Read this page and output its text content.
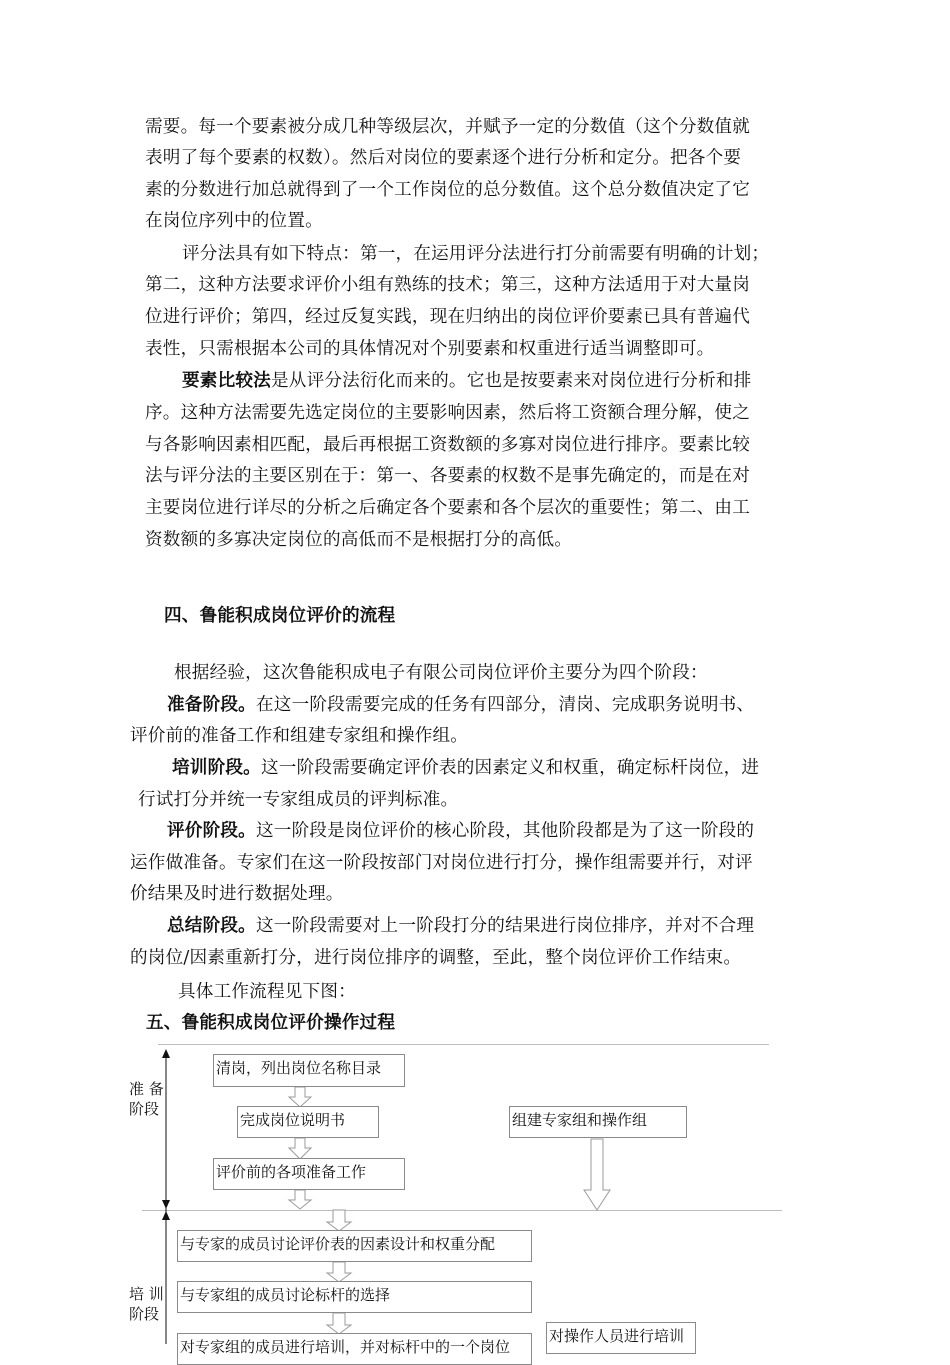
需要。每一个要素被分成几种等级层次，并赋予一定的分数值（这个分数值就
表明了每个要素的权数）。然后对岗位的要素逐个进行分析和定分。把各个要
素的分数进行加总就得到了一个工作岗位的总分数值。这个总分数值决定了它
在岗位序列中的位置。
评分法具有如下特点：第一，在运用评分法进行打分前需要有明确的计划；
第二，这种方法要求评价小组有熟练的技术；第三，这种方法适用于对大量岗
位进行评价；第四，经过反复实践，现在归纳出的岗位评价要素已具有普遍代
表性，只需根据本公司的具体情况对个别要素和权重进行适当调整即可。
要素比较法是从评分法衍化而来的。它也是按要素来对岗位进行分析和排
序。这种方法需要先选定岗位的主要影响因素，然后将工资额合理分解，使之
与各影响因素相匹配，最后再根据工资数额的多寡对岗位进行排序。要素比较
法与评分法的主要区别在于：第一、各要素的权数不是事先确定的，而是在对
主要岗位进行详尽的分析之后确定各个要素和各个层次的重要性；第二、由工
资数额的多寡决定岗位的高低而不是根据打分的高低。
四、鲁能积成岗位评价的流程
根据经验，这次鲁能积成电子有限公司岗位评价主要分为四个阶段：
准备阶段。在这一阶段需要完成的任务有四部分，清岗、完成职务说明书、
评价前的准备工作和组建专家组和操作组。
培训阶段。这一阶段需要确定评价表的因素定义和权重，确定标杆岗位，进
行试打分并统一专家组成员的评判标准。
评价阶段。这一阶段是岗位评价的核心阶段，其他阶段都是为了这一阶段的
运作做准备。专家们在这一阶段按部门对岗位进行打分，操作组需要并行，对评
价结果及时进行数据处理。
总结阶段。这一阶段需要对上一阶段打分的结果进行岗位排序，并对不合理
的岗位/因素重新打分，进行岗位排序的调整，至此，整个岗位评价工作结束。
具体工作流程见下图：
五、鲁能积成岗位评价操作过程
准 备
阶段
培 训
阶段
清岗，列出岗位名称目录
完成岗位说明书	组建专家组和操作组
评价前的各项准备工作
与专家的成员讨论评价表的因素设计和权重分配
与专家组的成员讨论标杆的选择
对专家组的成员进行培训，并对标杆中的一个岗位
对操作人员进行培训
